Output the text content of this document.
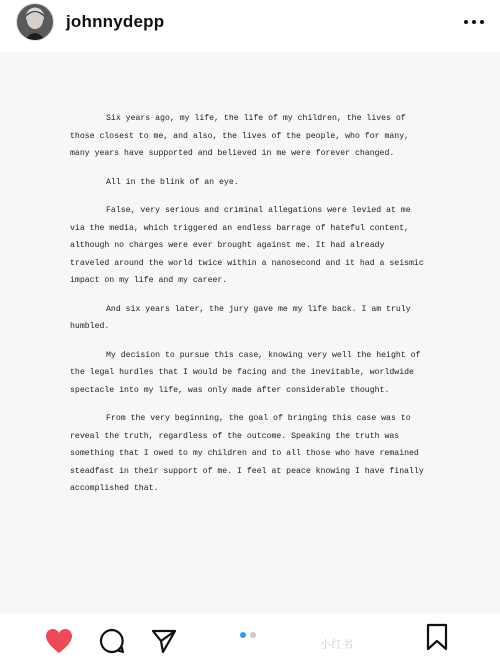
johnnydepp

Six years ago, my life, the life of my children, the lives of those closest to me, and also, the lives of the people, who for many, many years have supported and believed in me were forever changed.

All in the blink of an eye.

False, very serious and criminal allegations were levied at me via the media, which triggered an endless barrage of hateful content, although no charges were ever brought against me. It had already traveled around the world twice within a nanosecond and it had a seismic impact on my life and my career.

And six years later, the jury gave me my life back. I am truly humbled.

My decision to pursue this case, knowing very well the height of the legal hurdles that I would be facing and the inevitable, worldwide spectacle into my life, was only made after considerable thought.

From the very beginning, the goal of bringing this case was to reveal the truth, regardless of the outcome. Speaking the truth was something that I owed to my children and to all those who have remained steadfast in their support of me. I feel at peace knowing I have finally accomplished that.

小红书
